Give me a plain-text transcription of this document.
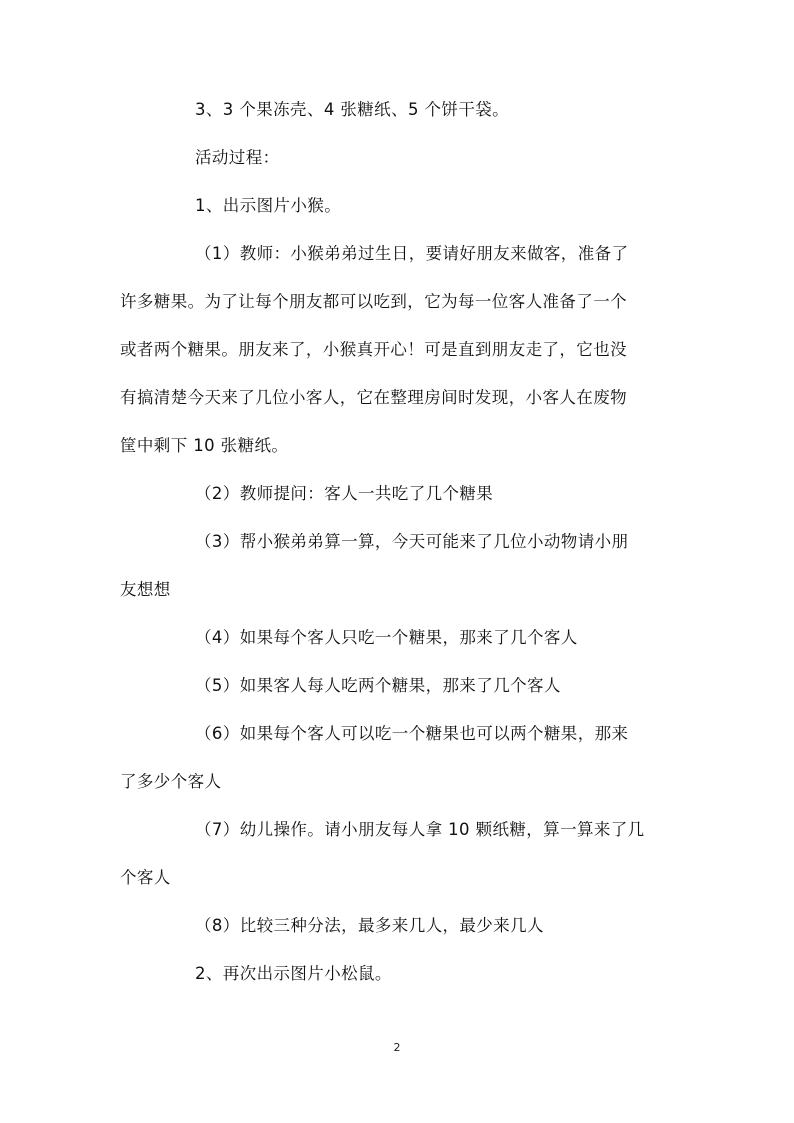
3、3 个果冻壳、4 张糖纸、5 个饼干袋。
活动过程：
1、出示图片小猴。
（1）教师：小猴弟弟过生日，要请好朋友来做客，准备了
许多糖果。为了让每个朋友都可以吃到，它为每一位客人准备了一个
或者两个糖果。朋友来了，小猴真开心！可是直到朋友走了，它也没
有搞清楚今天来了几位小客人，它在整理房间时发现，小客人在废物
筐中剩下 10 张糖纸。
（2）教师提问：客人一共吃了几个糖果
（3）帮小猴弟弟算一算，今天可能来了几位小动物请小朋
友想想
（4）如果每个客人只吃一个糖果，那来了几个客人
（5）如果客人每人吃两个糖果，那来了几个客人
（6）如果每个客人可以吃一个糖果也可以两个糖果，那来
了多少个客人
（7）幼儿操作。请小朋友每人拿 10 颗纸糖，算一算来了几
个客人
（8）比较三种分法，最多来几人，最少来几人
2、再次出示图片小松鼠。
2
